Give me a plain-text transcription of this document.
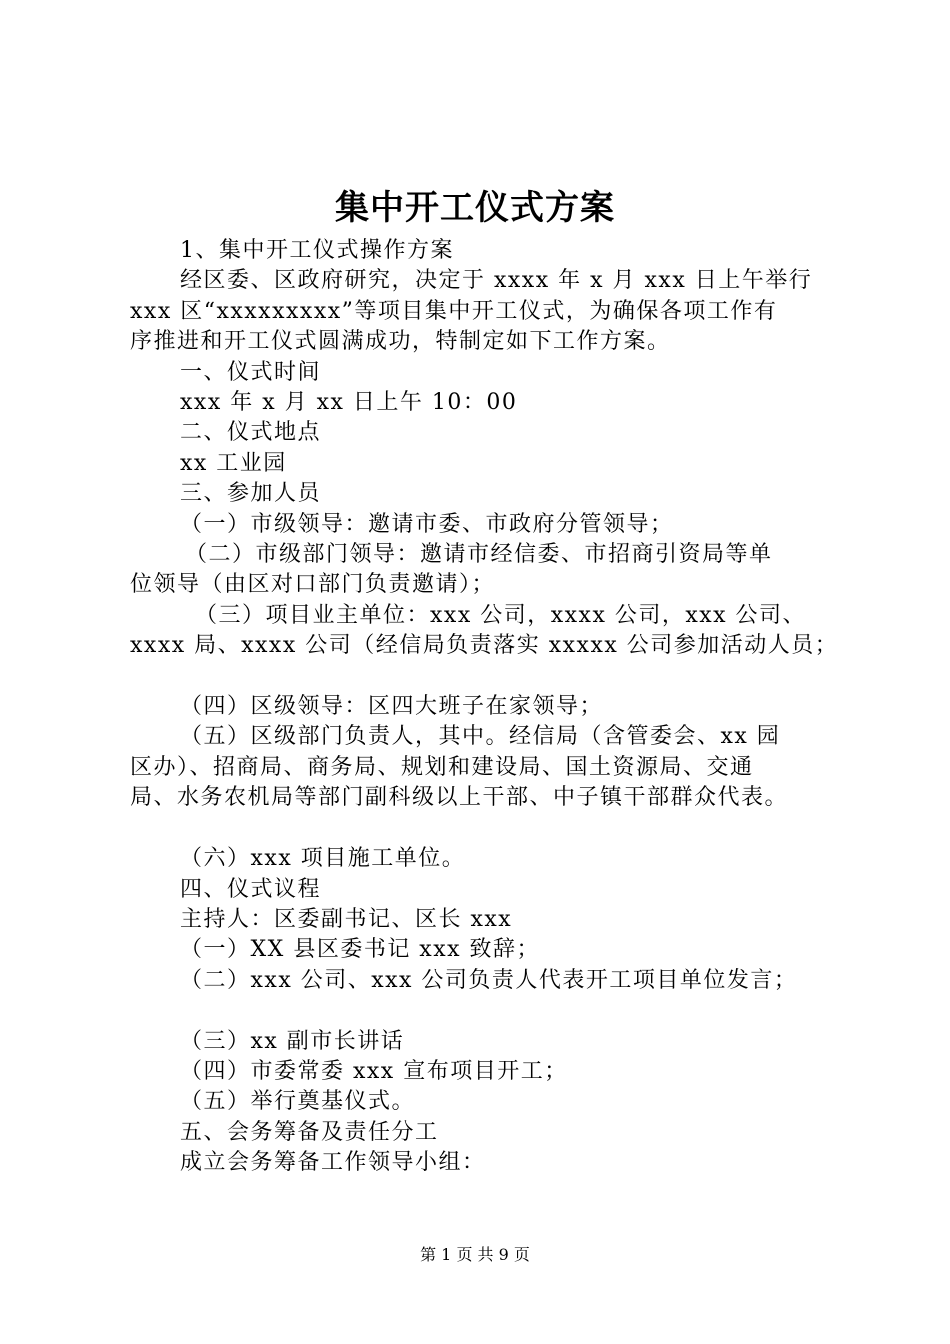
集中开工仪式方案

1、集中开工仪式操作方案

经区委、区政府研究，决定于 xxxx 年 x 月 xxx 日上午举行

xxx 区“xxxxxxxxx”等项目集中开工仪式，为确保各项工作有

序推进和开工仪式圆满成功，特制定如下工作方案。

一、仪式时间

xxx 年 x 月 xx 日上午 10：00

二、仪式地点

xx 工业园

三、参加人员

（一）市级领导：邀请市委、市政府分管领导；

（二）市级部门领导：邀请市经信委、市招商引资局等单

位领导（由区对口部门负责邀请）；

（三）项目业主单位：xxx 公司，xxxx 公司，xxx 公司、

xxxx 局、xxxx 公司（经信局负责落实 xxxxx 公司参加活动人员；

（四）区级领导：区四大班子在家领导；

（五）区级部门负责人，其中。经信局（含管委会、xx 园

区办）、招商局、商务局、规划和建设局、国土资源局、交通

局、水务农机局等部门副科级以上干部、中子镇干部群众代表。

（六）xxx 项目施工单位。

四、仪式议程

主持人：区委副书记、区长 xxx

（一）XX 县区委书记 xxx 致辞；

（二）xxx 公司、xxx 公司负责人代表开工项目单位发言；

（三）xx 副市长讲话

（四）市委常委 xxx 宣布项目开工；

（五）举行奠基仪式。

五、会务筹备及责任分工

成立会务筹备工作领导小组：

第 1 页 共 9 页
